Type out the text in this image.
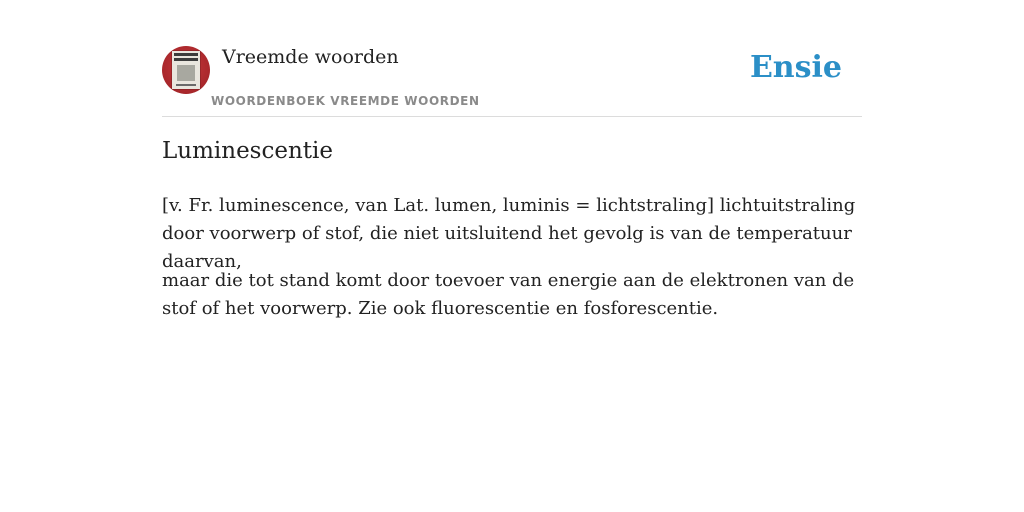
Vreemde woorden
WOORDENBOEK VREEMDE WOORDEN
Ensie
Luminescentie

[v. Fr. luminescence, van Lat. lumen, luminis = lichtstraling] lichtuitstraling door voorwerp of stof, die niet uitsluitend het gevolg is van de temperatuur daarvan,

maar die tot stand komt door toevoer van energie aan de elektronen van de stof of het voorwerp. Zie ook fluorescentie en fosforescentie.
